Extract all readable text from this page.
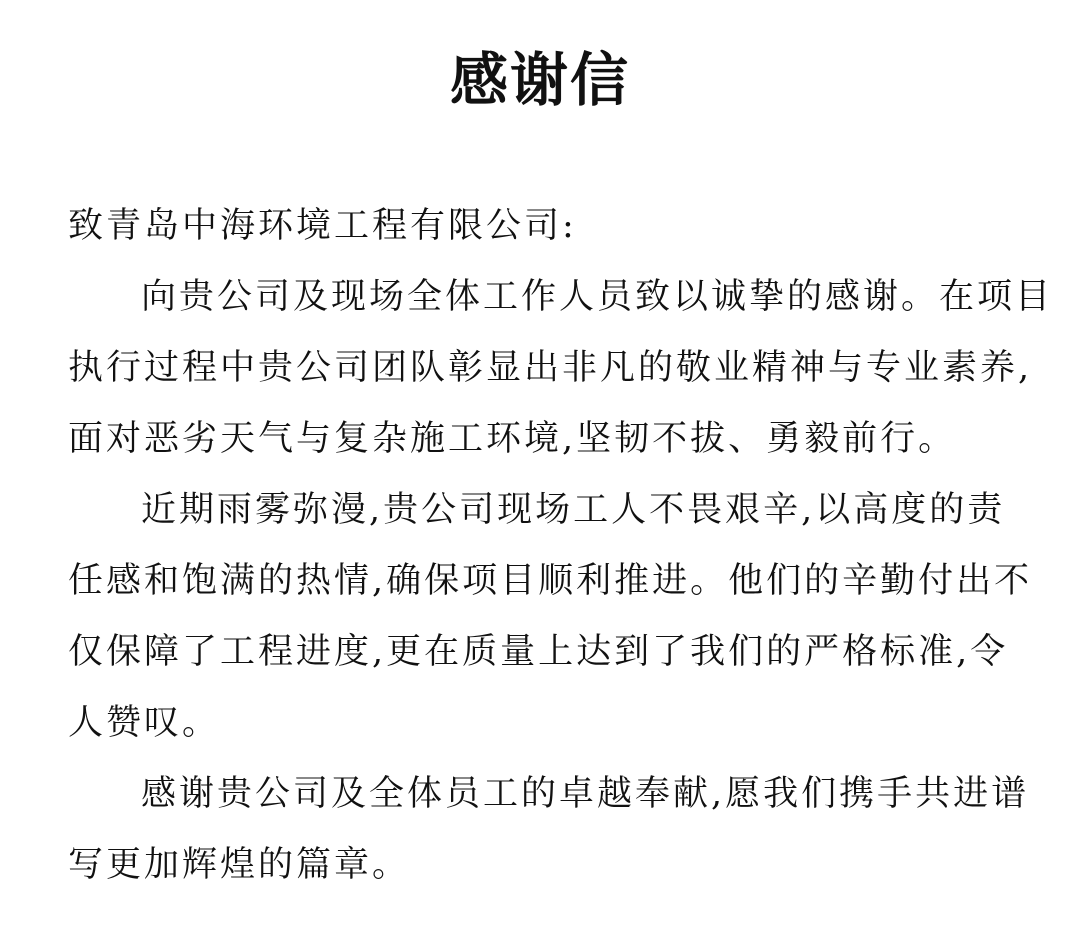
感谢信
致青岛中海环境工程有限公司:
向贵公司及现场全体工作人员致以诚挚的感谢。在项目
执行过程中贵公司团队彰显出非凡的敬业精神与专业素养,
面对恶劣天气与复杂施工环境,坚韧不拔、勇毅前行。
近期雨雾弥漫,贵公司现场工人不畏艰辛,以高度的责
任感和饱满的热情,确保项目顺利推进。他们的辛勤付出不
仅保障了工程进度,更在质量上达到了我们的严格标准,令
人赞叹。
感谢贵公司及全体员工的卓越奉献,愿我们携手共进谱
写更加辉煌的篇章。
